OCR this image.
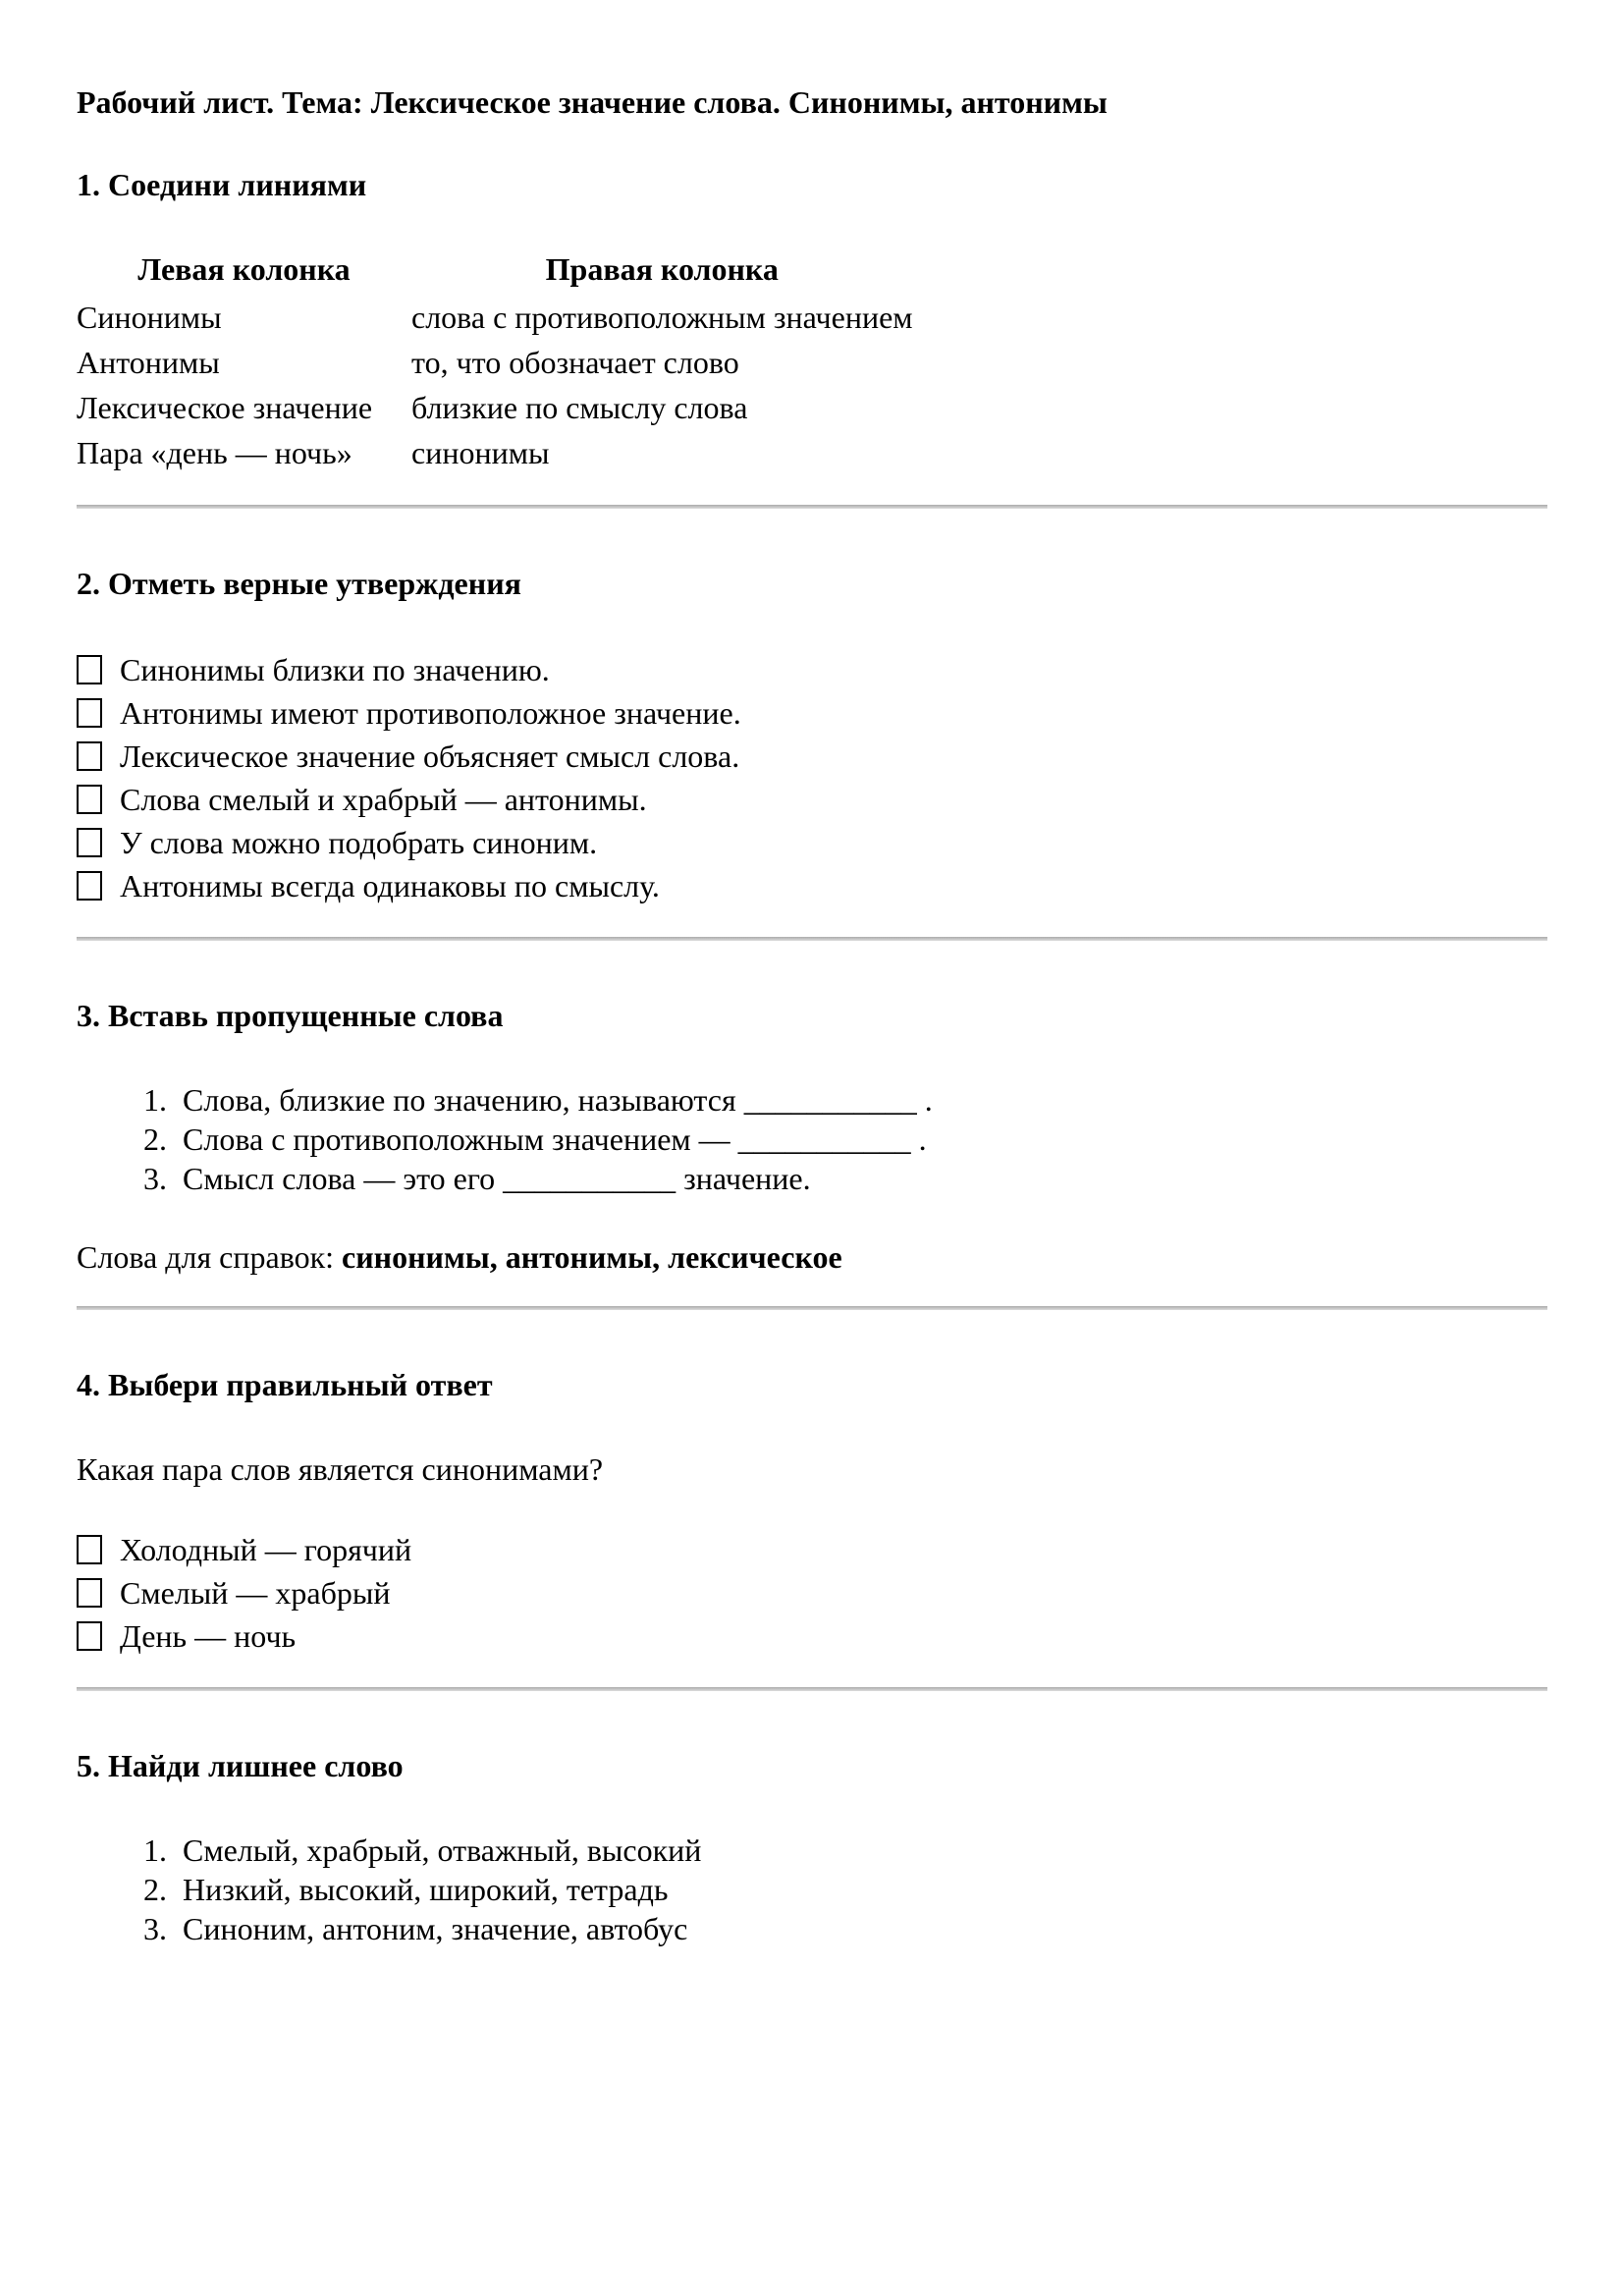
Рабочий лист. Тема: Лексическое значение слова. Синонимы, антонимы
1. Соедини линиями
Левая колонка	Правая колонка
Синонимы	слова с противоположным значением
Антонимы	то, что обозначает слово
Лексическое значение	близкие по смыслу слова
Пара «день — ночь»	синонимы
2. Отметь верные утверждения
Синонимы близки по значению.
Антонимы имеют противоположное значение.
Лексическое значение объясняет смысл слова.
Слова смелый и храбрый — антонимы.
У слова можно подобрать синоним.
Антонимы всегда одинаковы по смыслу.
3. Вставь пропущенные слова
1. Слова, близкие по значению, называются ___________ .
2. Слова с противоположным значением — ___________ .
3. Смысл слова — это его ___________ значение.

Слова для справок: синонимы, антонимы, лексическое

4. Выбери правильный ответ

Какая пара слов является синонимами?

Холодный — горячий
Смелый — храбрый
День — ночь
5. Найди лишнее слово
1. Смелый, храбрый, отважный, высокий
2. Низкий, высокий, широкий, тетрадь
3. Синоним, антоним, значение, автобус
